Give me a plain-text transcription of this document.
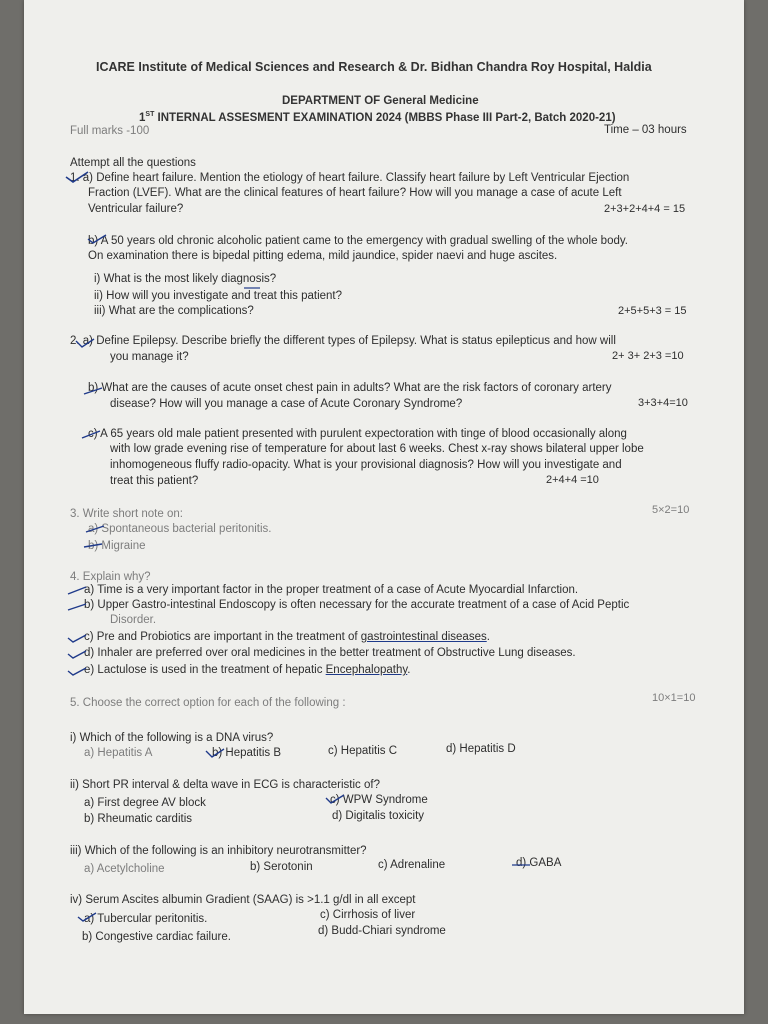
ICARE Institute of Medical Sciences and Research & Dr. Bidhan Chandra Roy Hospital, Haldia
DEPARTMENT OF General Medicine
1ST INTERNAL ASSESMENT EXAMINATION 2024 (MBBS Phase III Part-2, Batch 2020-21)
Full marks -100	Time – 03 hours
Attempt all the questions
1. a) Define heart failure. Mention the etiology of heart failure. Classify heart failure by Left Ventricular Ejection
Fraction (LVEF). What are the clinical features of heart failure? How will you manage a case of acute Left
Ventricular failure?	2+3+2+4+4 = 15
b) A 50 years old chronic alcoholic patient came to the emergency with gradual swelling of the whole body.
On examination there is bipedal pitting edema, mild jaundice, spider naevi and huge ascites.
i) What is the most likely diagnosis?
ii) How will you investigate and treat this patient?
iii) What are the complications?	2+5+5+3 = 15
2. a) Define Epilepsy. Describe briefly the different types of Epilepsy. What is status epilepticus and how will
you manage it?	2+ 3+ 2+3 =10
b) What are the causes of acute onset chest pain in adults? What are the risk factors of coronary artery
disease? How will you manage a case of Acute Coronary Syndrome?	3+3+4=10
c) A 65 years old male patient presented with purulent expectoration with tinge of blood occasionally along
with low grade evening rise of temperature for about last 6 weeks. Chest x-ray shows bilateral upper lobe
inhomogeneous fluffy radio-opacity. What is your provisional diagnosis? How will you investigate and
treat this patient?	2+4+4 =10
3. Write short note on:	5×2=10
a) Spontaneous bacterial peritonitis.
b) Migraine
4. Explain why?
a) Time is a very important factor in the proper treatment of a case of Acute Myocardial Infarction.
b) Upper Gastro-intestinal Endoscopy is often necessary for the accurate treatment of a case of Acid Peptic
Disorder.
c) Pre and Probiotics are important in the treatment of gastrointestinal diseases.
d) Inhaler are preferred over oral medicines in the better treatment of Obstructive Lung diseases.
e) Lactulose is used in the treatment of hepatic Encephalopathy.
5. Choose the correct option for each of the following :	10×1=10
i) Which of the following is a DNA virus?
a) Hepatitis A	b) Hepatitis B	c) Hepatitis C	d) Hepatitis D
ii) Short PR interval & delta wave in ECG is characteristic of?
a) First degree AV block	c) WPW Syndrome
b) Rheumatic carditis	d) Digitalis toxicity
iii) Which of the following is an inhibitory neurotransmitter?
a) Acetylcholine	b) Serotonin	c) Adrenaline	d) GABA
iv) Serum Ascites albumin Gradient (SAAG) is >1.1 g/dl in all except
a) Tubercular peritonitis.	c) Cirrhosis of liver
b) Congestive cardiac failure.	d) Budd-Chiari syndrome
